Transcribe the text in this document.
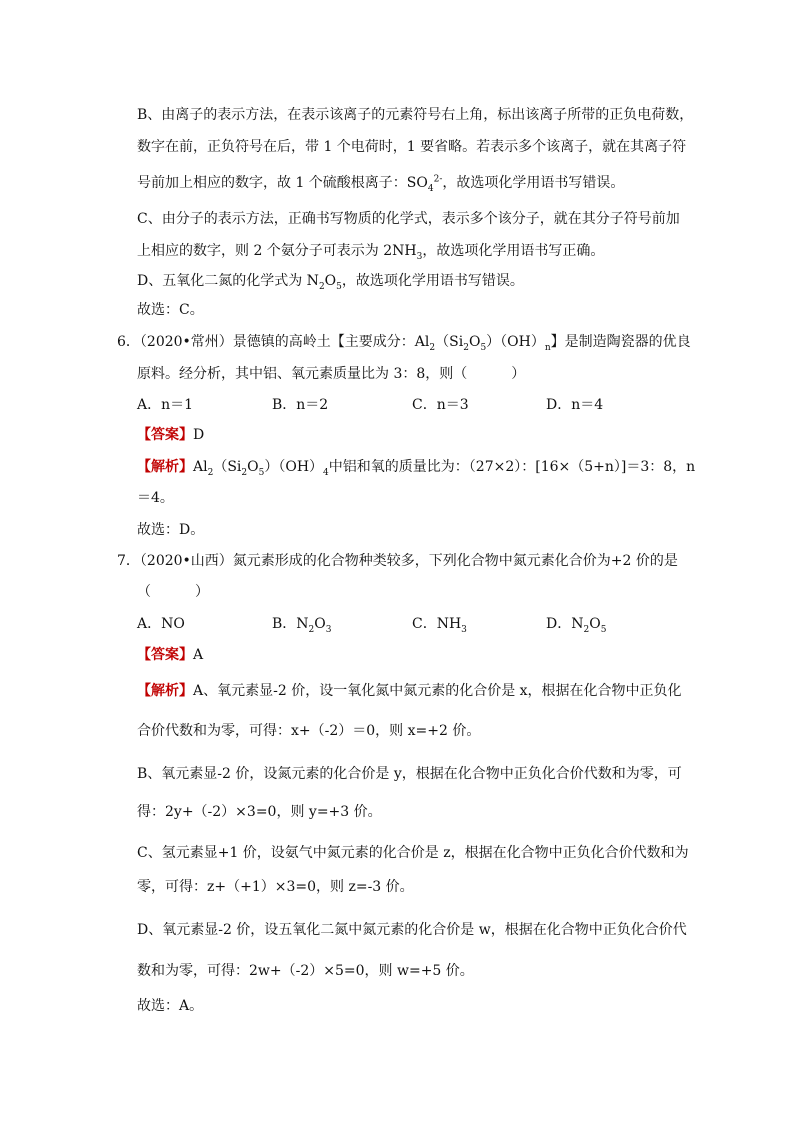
B、由离子的表示方法，在表示该离子的元素符号右上角，标出该离子所带的正负电荷数，
数字在前，正负符号在后，带 1 个电荷时，1 要省略。若表示多个该离子，就在其离子符
号前加上相应的数字，故 1 个硫酸根离子：$SO_4^{2-}$，故选项化学用语书写错误。
C、由分子的表示方法，正确书写物质的化学式，表示多个该分子，就在其分子符号前加
上相应的数字，则 2 个氨分子可表示为 $2NH_3$，故选项化学用语书写正确。
D、五氧化二氮的化学式为 $N_2O_5$，故选项化学用语书写错误。
故选：C。
6．（2020•常州）景德镇的高岭土【主要成分：$Al_2(Si_2O_5)(OH)_n$】是制造陶瓷器的优良
原料。经分析，其中铝、氧元素质量比为 3：8，则（	）
A．n＝1	B．n＝2	C．n＝3	D．n＝4
【答案】D
【解析】$Al_2(Si_2O_5)(OH)_4$中铝和氧的质量比为：（27×2）：[16×（5+n）]＝3：8，n
＝4。
故选：D。
7．（2020•山西）氮元素形成的化合物种类较多，下列化合物中氮元素化合价为+2 价的是
（	）
A．NO	B．$N_2O_3$	C．$NH_3$	D．$N_2O_5$
【答案】A
【解析】A、氧元素显-2 价，设一氧化氮中氮元素的化合价是 x，根据在化合物中正负化
合价代数和为零，可得：x+（-2）＝0，则 x=+2 价。
B、氧元素显-2 价，设氮元素的化合价是 y，根据在化合物中正负化合价代数和为零，可
得：2y+（-2）×3=0，则 y=+3 价。
C、氢元素显+1 价，设氨气中氮元素的化合价是 z，根据在化合物中正负化合价代数和为
零，可得：z+（+1）×3=0，则 z=-3 价。
D、氧元素显-2 价，设五氧化二氮中氮元素的化合价是 w，根据在化合物中正负化合价代
数和为零，可得：2w+（-2）×5=0，则 w=+5 价。
故选：A。
